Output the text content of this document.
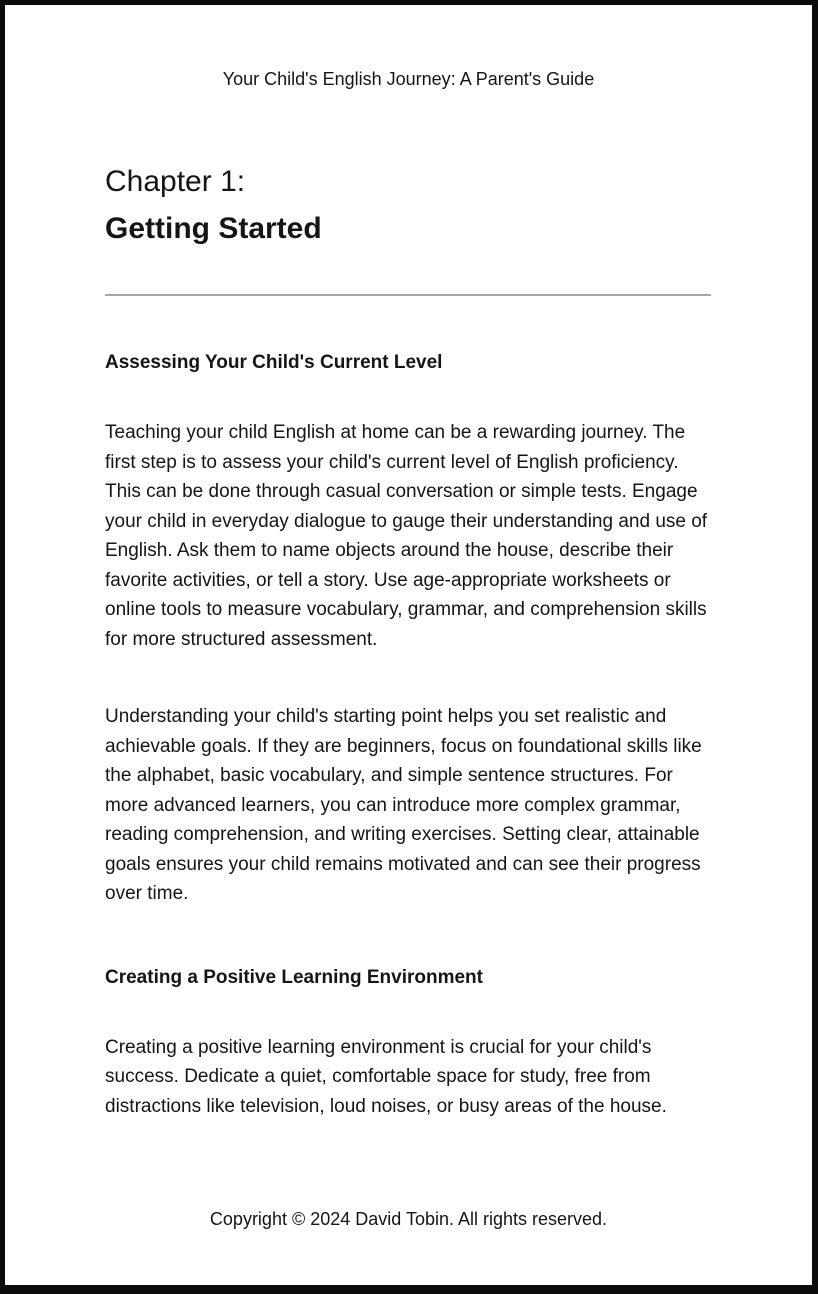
Your Child's English Journey: A Parent's Guide
Chapter 1:
Getting Started
Assessing Your Child's Current Level

Teaching your child English at home can be a rewarding journey. The first step is to assess your child's current level of English proficiency. This can be done through casual conversation or simple tests. Engage your child in everyday dialogue to gauge their understanding and use of English. Ask them to name objects around the house, describe their favorite activities, or tell a story. Use age-appropriate worksheets or online tools to measure vocabulary, grammar, and comprehension skills for more structured assessment.

Understanding your child's starting point helps you set realistic and achievable goals. If they are beginners, focus on foundational skills like the alphabet, basic vocabulary, and simple sentence structures. For more advanced learners, you can introduce more complex grammar, reading comprehension, and writing exercises. Setting clear, attainable goals ensures your child remains motivated and can see their progress over time.

Creating a Positive Learning Environment

Creating a positive learning environment is crucial for your child's success. Dedicate a quiet, comfortable space for study, free from distractions like television, loud noises, or busy areas of the house.

Copyright © 2024 David Tobin. All rights reserved.
